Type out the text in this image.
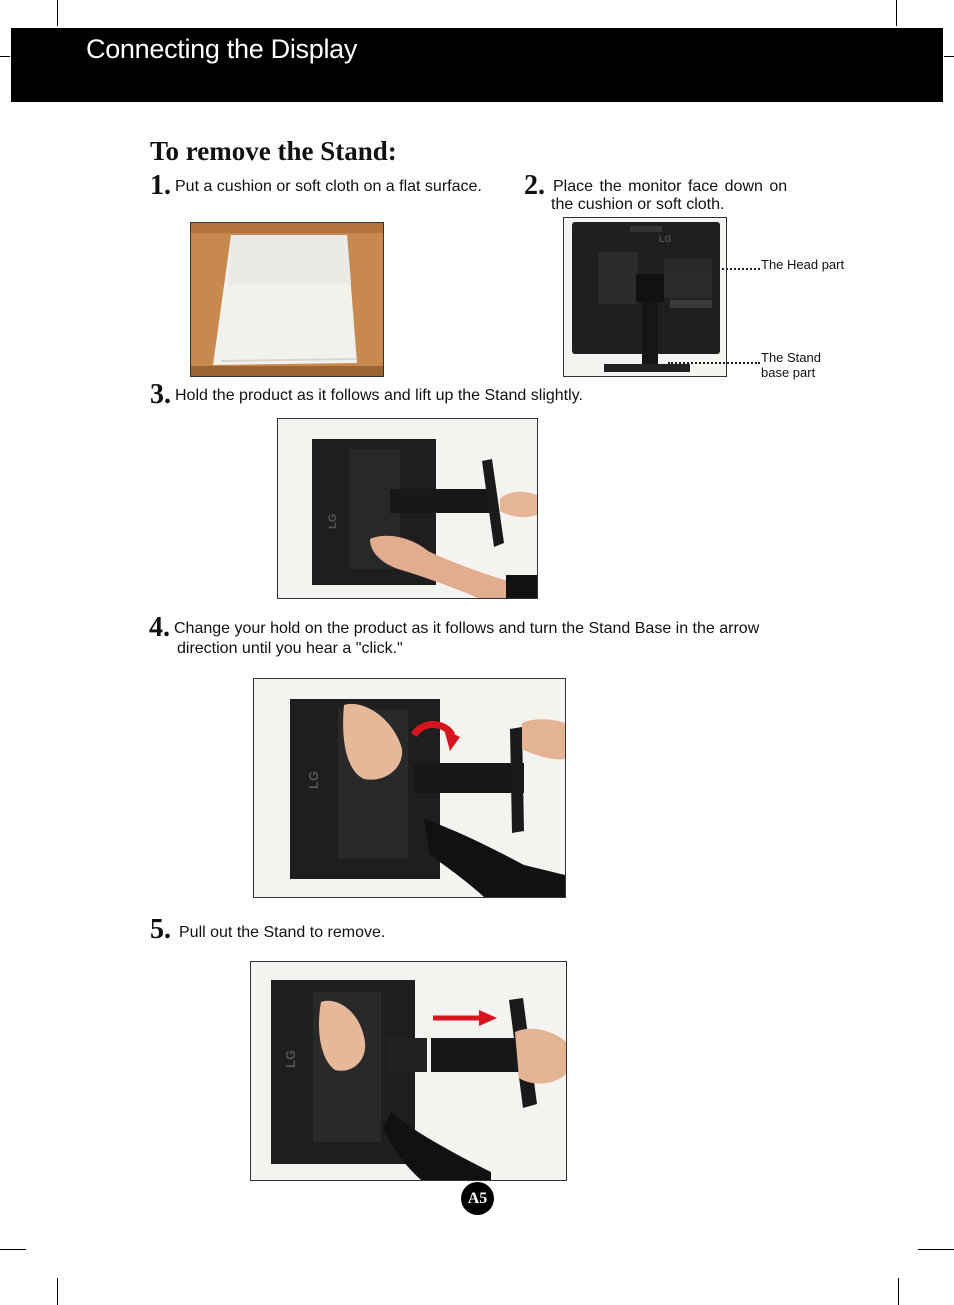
Connecting the Display
To remove the Stand:
1. Put a cushion or soft cloth on a flat surface. 2. Place the monitor face down on
the cushion or soft cloth.
LG
The Head part
The Stand
base part
3. Hold the product as it follows and lift up the Stand slightly.
LG
4. Change your hold on the product as it follows and turn the Stand Base in the arrow
direction until you hear a "click."
LG
5. Pull out the Stand to remove.
LG
A5
